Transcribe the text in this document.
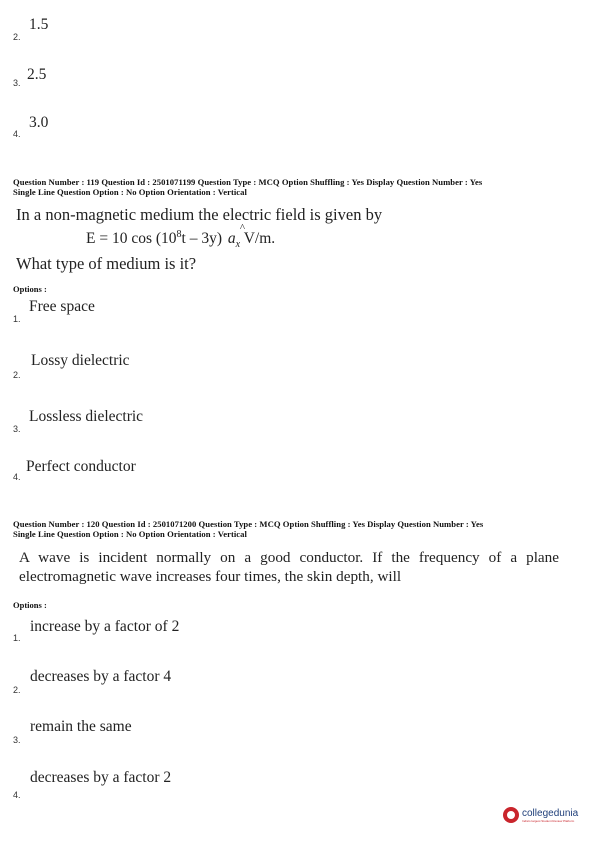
1.5
2.
2.5
3.
3.0
4.
Question Number : 119 Question Id : 2501071199 Question Type : MCQ Option Shuffling : Yes Display Question Number : Yes
Single Line Question Option : No Option Orientation : Vertical
In a non-magnetic medium the electric field is given by
E = 10 $\cos (10^8t - 3y)$ a
^
$_x$ V/m.
What type of medium is it?
Options :
Free space
1.
Lossy dielectric
2.
Lossless dielectric
3.
Perfect conductor
4.
Question Number : 120 Question Id : 2501071200 Question Type : MCQ Option Shuffling : Yes Display Question Number : Yes
Single Line Question Option : No Option Orientation : Vertical
A wave is incident normally on a good conductor. If the frequency of a plane
electromagnetic wave increases four times, the skin depth, will
Options :
increase by a factor of 2
1.
decreases by a factor 4
2.
remain the same
3.
decreases by a factor 2
4.
collegedunia
India's largest Student Review Platform
